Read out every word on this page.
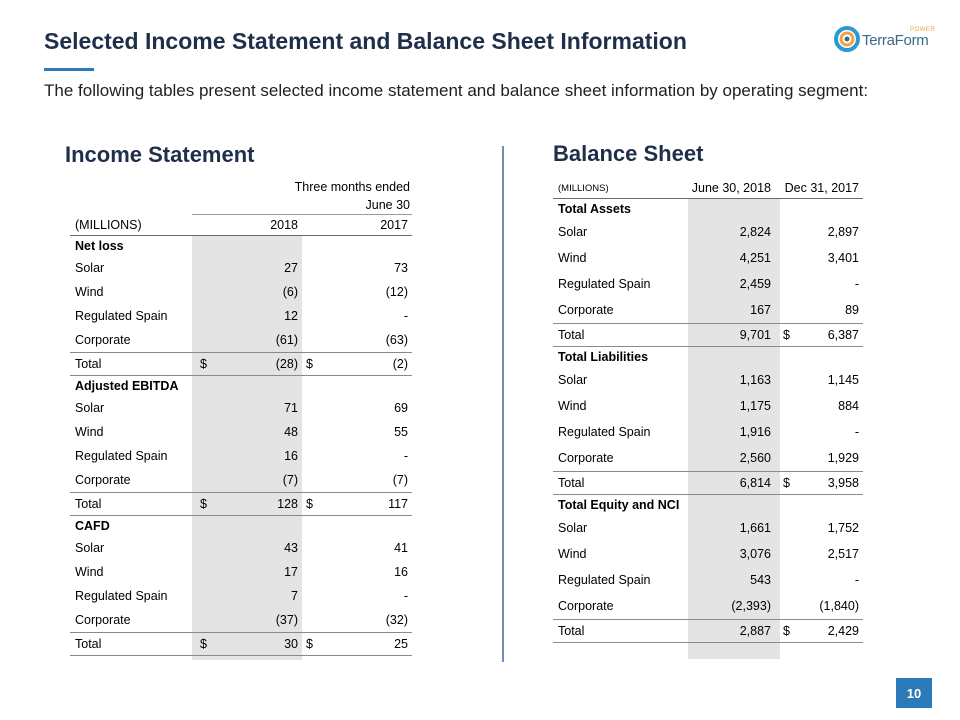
Selected Income Statement and Balance Sheet Information
The following tables present selected income statement and balance sheet information by operating segment:
POWER
TerraForm
Income Statement	Balance Sheet
Three months ended
June 30
(MILLIONS)	2018	2017
Net loss
Solar	27	73
Wind	(6)	(12)
Regulated Spain	12	-
Corporate	(61)	(63)
Total	$	(28) $	(2)
Adjusted EBITDA
Solar	71	69
Wind	48	55
Regulated Spain	16	-
Corporate	(7)	(7)
Total	$	128 $	117
CAFD
Solar	43	41
Wind	17	16
Regulated Spain	7	-
Corporate	(37)	(32)
Total	$	30 $	25
(MILLIONS)	June 30, 2018	Dec 31, 2017
Total Assets
Solar	2,824	2,897
Wind	4,251	3,401
Regulated Spain	2,459	-
Corporate	167	89
Total	9,701 $	6,387
Total Liabilities
Solar	1,163	1,145
Wind	1,175	884
Regulated Spain	1,916	-
Corporate	2,560	1,929
Total	6,814 $	3,958
Total Equity and NCI
Solar	1,661	1,752
Wind	3,076	2,517
Regulated Spain	543	-
Corporate	(2,393)	(1,840)
Total	2,887 $	2,429
10
